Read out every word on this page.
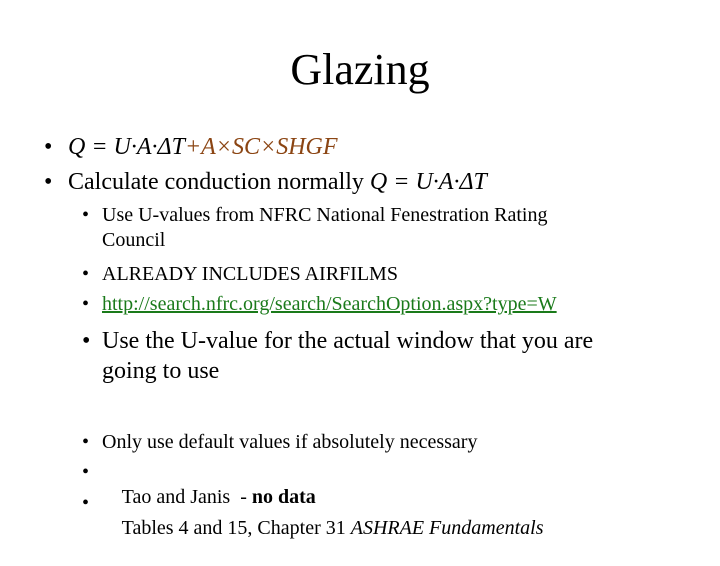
Glazing
• Q = U·A·ΔT+A×SC×SHGF
• Calculate conduction normally Q = U·A·ΔT
• Use U-values from NFRC National Fenestration Rating
Council
• ALREADY INCLUDES AIRFILMS
• http://search.nfrc.org/search/SearchOption.aspx?type=W
• Use the U-value for the actual window that you are
going to use
• Only use default values if absolutely necessary
•

Tao and Janis  - no data

•

Tables 4 and 15, Chapter 31 ASHRAE Fundamentals
